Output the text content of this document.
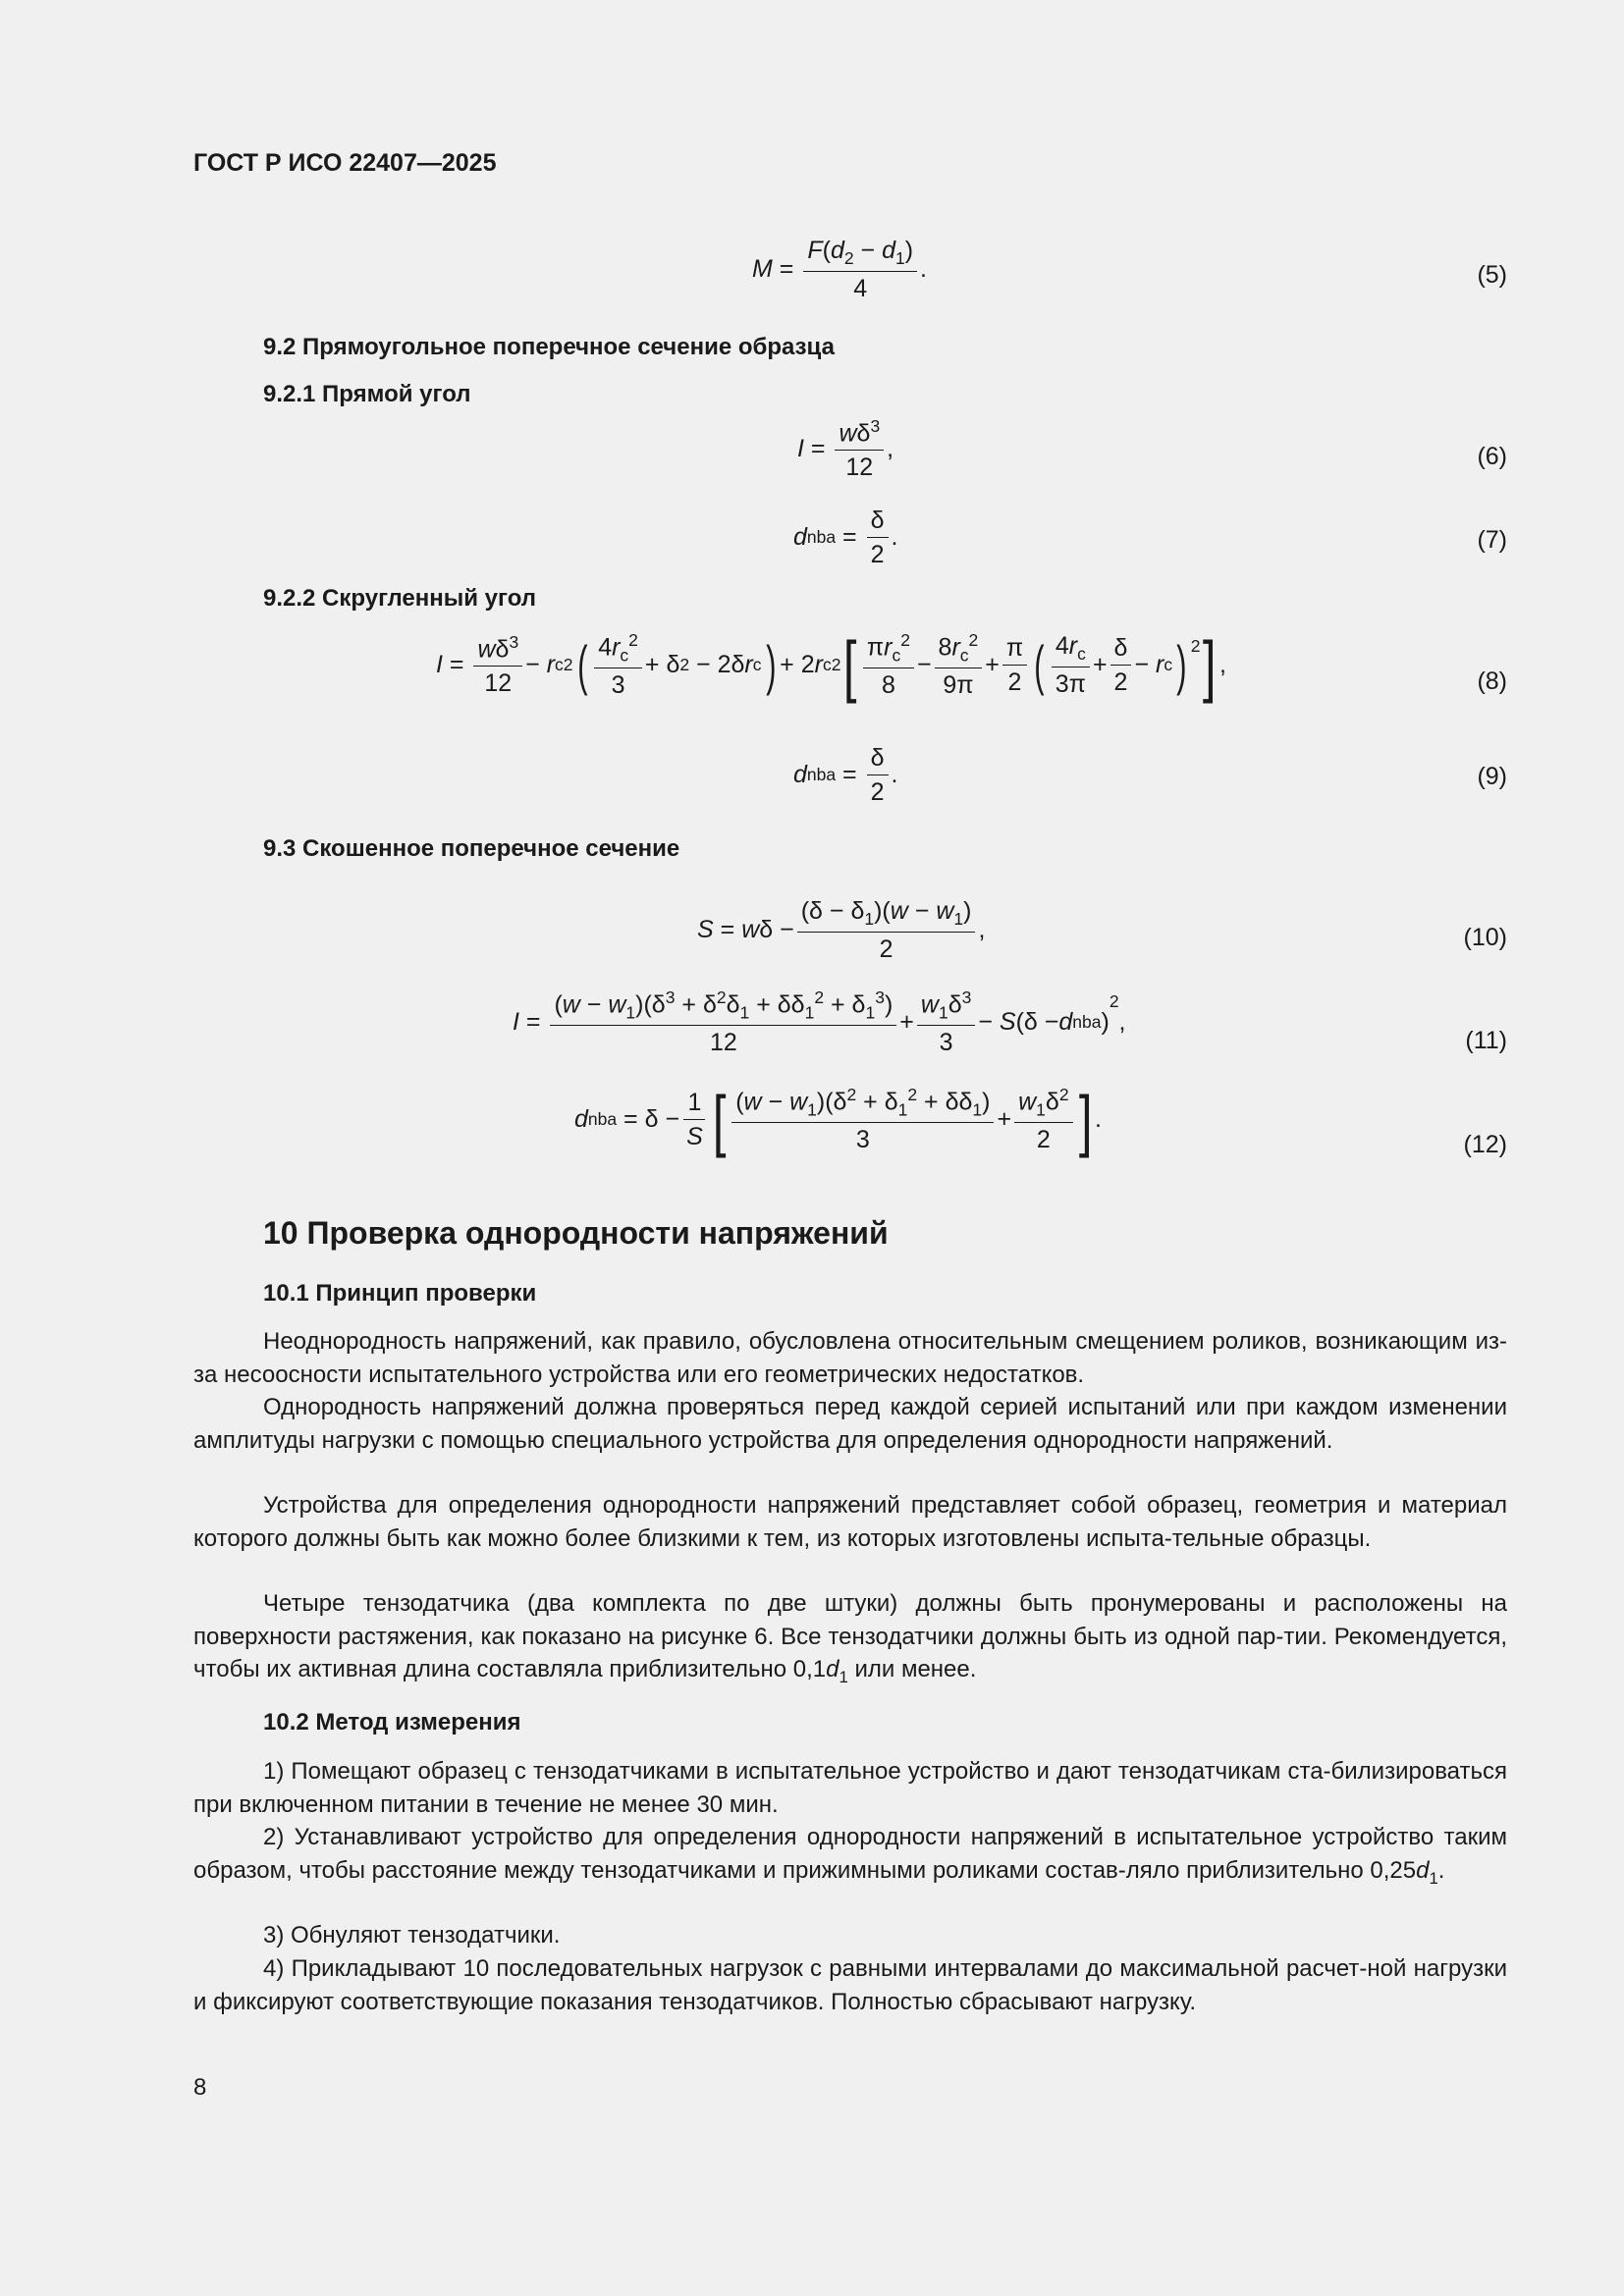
ГОСТ Р ИСО 22407—2025
$M = \frac{F(d_2 - d_1)}{4}$ .	(5)
9.2 Прямоугольное поперечное сечение образца
9.2.1 Прямой угол
$I = \frac{w\delta^3}{12}$ ,	(6)
d nba = $\frac{\delta}{2}$ .	(7)
9.2.2 Скругленный угол
$I = \frac{w\delta^3}{12} - r$ c 2 ( $\frac{4r_c^2}{3} + \delta$ 2 − 2δ r c ) + 2 r c 2 [ $\frac{\pi r_c^2}{8} - \frac{8r_c^2}{9\pi} + \frac{\pi}{2}$ ( $\frac{4r_c}{3\pi} + \frac{\delta}{2} - r$ c )$^2$ ] ,
(8)
d nba = $\frac{\delta}{2}$ .	(9)
9.3 Скошенное поперечное сечение
S = w $\delta - \frac{(\delta - \delta_1)(w - w_1)}{2}$ ,	(10)
$I = \frac{(w - w_1)(\delta^3 + \delta^2\delta_1 + \delta\delta_1^2 + \delta_1^3)}{12} + \frac{w_1\delta^3}{3} - S$ (δ − d nba )
2
,
(11)
d nba = $\delta - \frac{1}{S}$ [ $\frac{(w - w_1)(\delta^2 + \delta_1^2 + \delta\delta_1)}{3} + \frac{w_1\delta^2}{2}$ ] .
(12)
10 Проверка однородности напряжений
10.1 Принцип проверки

Неоднородность напряжений, как правило, обусловлена относительным смещением роликов, возникающим из-за несоосности испытательного устройства или его геометрических недостатков.

Однородность напряжений должна проверяться перед каждой серией испытаний или при каждом изменении амплитуды нагрузки с помощью специального устройства для определения однородности напряжений.

Устройства для определения однородности напряжений представляет собой образец, геометрия и материал которого должны быть как можно более близкими к тем, из которых изготовлены испыта-тельные образцы.

Четыре тензодатчика (два комплекта по две штуки) должны быть пронумерованы и расположены на поверхности растяжения, как показано на рисунке 6. Все тензодатчики должны быть из одной пар-тии. Рекомендуется, чтобы их активная длина составляла приблизительно $0,1d_1$ или менее.

10.2 Метод измерения

1) Помещают образец с тензодатчиками в испытательное устройство и дают тензодатчикам ста-билизироваться при включенном питании в течение не менее 30 мин.

2) Устанавливают устройство для определения однородности напряжений в испытательное устройство таким образом, чтобы расстояние между тензодатчиками и прижимными роликами состав-ляло приблизительно $0,25d_1$.

3) Обнуляют тензодатчики.

4) Прикладывают 10 последовательных нагрузок с равными интервалами до максимальной расчет-ной нагрузки и фиксируют соответствующие показания тензодатчиков. Полностью сбрасывают нагрузку.

8
